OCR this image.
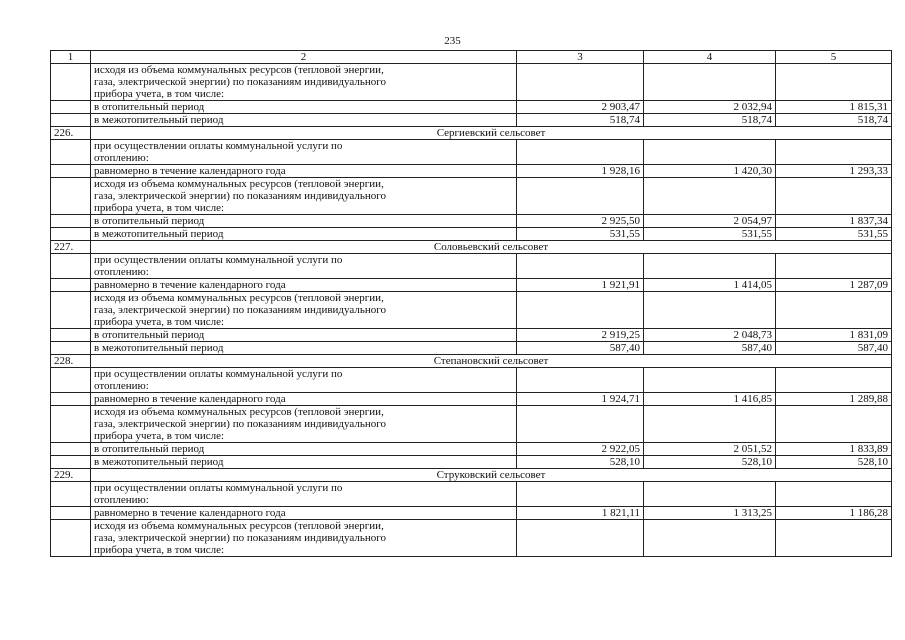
235
1	2	3	4	5

	исходя из объема коммунальных ресурсов (тепловой энергии, газа, электрической энергии) по показаниям индивидуального прибора учета, в том числе:			

	в отопительный период	2 903,47	2 032,94	1 815,31

	в межотопительный период	518,74	518,74	518,74
226.	Сергиевский сельсовет			

	при осуществлении оплаты коммунальной услуги по отоплению:			

	равномерно в течение календарного года	1 928,16	1 420,30	1 293,33

	исходя из объема коммунальных ресурсов (тепловой энергии, газа, электрической энергии) по показаниям индивидуального прибора учета, в том числе:			

	в отопительный период	2 925,50	2 054,97	1 837,34

	в межотопительный период	531,55	531,55	531,55
227.	Соловьевский сельсовет			

	при осуществлении оплаты коммунальной услуги по отоплению:			

	равномерно в течение календарного года	1 921,91	1 414,05	1 287,09

	исходя из объема коммунальных ресурсов (тепловой энергии, газа, электрической энергии) по показаниям индивидуального прибора учета, в том числе:			

	в отопительный период	2 919,25	2 048,73	1 831,09

	в межотопительный период	587,40	587,40	587,40
228.	Степановский сельсовет			

	при осуществлении оплаты коммунальной услуги по отоплению:			

	равномерно в течение календарного года	1 924,71	1 416,85	1 289,88

	исходя из объема коммунальных ресурсов (тепловой энергии, газа, электрической энергии) по показаниям индивидуального прибора учета, в том числе:			

	в отопительный период	2 922,05	2 051,52	1 833,89

	в межотопительный период	528,10	528,10	528,10
229.	Струковский сельсовет			

	при осуществлении оплаты коммунальной услуги по отоплению:			

	равномерно в течение календарного года	1 821,11	1 313,25	1 186,28

	исходя из объема коммунальных ресурсов (тепловой энергии, газа, электрической энергии) по показаниям индивидуального прибора учета, в том числе:			
